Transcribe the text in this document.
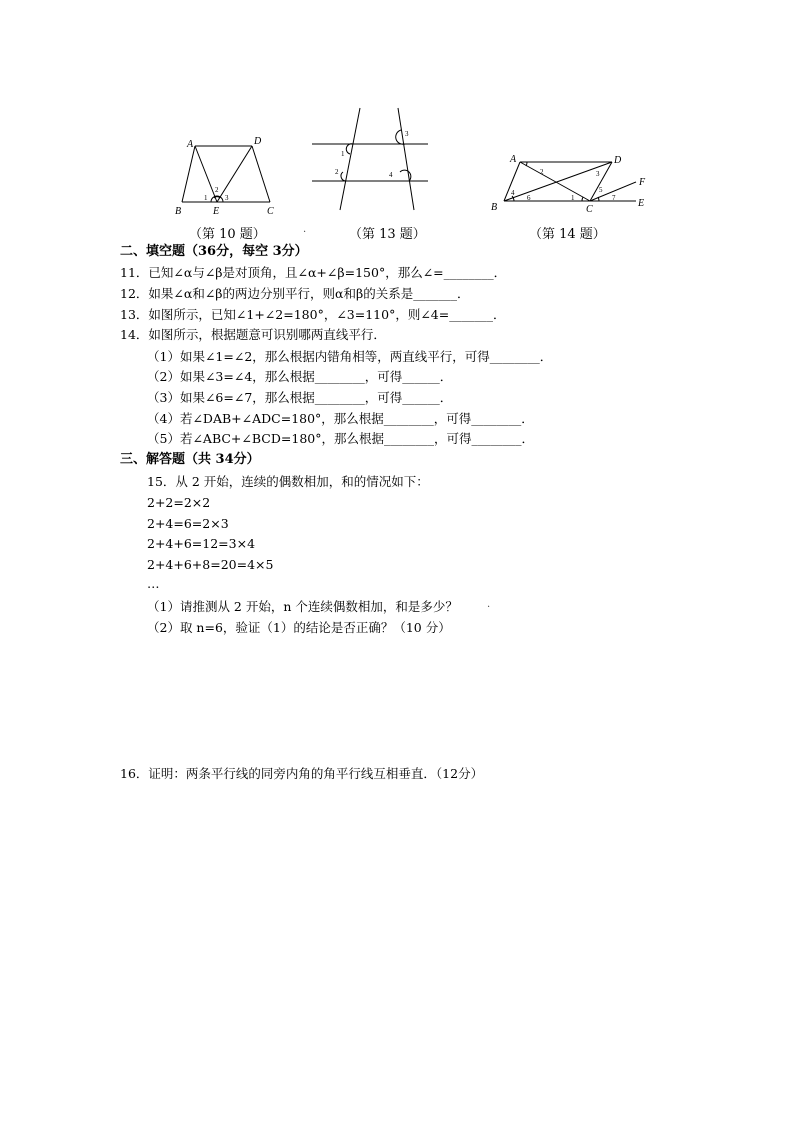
A	D
B	C
E
1
2
3
（第 10 题）	.
1
2
3
4
（第 13 题）
A	D
B	C
E
F
2	3
4
6	1
5
7
（第 14 题）
二、填空题（36分，每空 3分）
11．已知∠α与∠β是对顶角，且∠α+∠β=150°，那么∠=________．
12．如果∠α和∠β的两边分别平行，则α和β的关系是_______．
13．如图所示，已知∠1+∠2=180°，∠3=110°，则∠4=_______．
14．如图所示，根据题意可识别哪两直线平行．
（1）如果∠1=∠2，那么根据内错角相等，两直线平行，可得________．
（2）如果∠3=∠4，那么根据________，可得______．
（3）如果∠6=∠7，那么根据________，可得______．
（4）若∠DAB+∠ADC=180°，那么根据________，可得________．
（5）若∠ABC+∠BCD=180°，那么根据________，可得________．
三、解答题（共 34分）
15．从 2 开始，连续的偶数相加，和的情况如下：
2+2=2×2
2+4=6=2×3
2+4+6=12=3×4
2+4+6+8=20=4×5
…
（1）请推测从 2 开始，n 个连续偶数相加，和是多少？	.
（2）取 n=6，验证（1）的结论是否正确？（10 分）
16．证明：两条平行线的同旁内角的角平行线互相垂直．（12分）
